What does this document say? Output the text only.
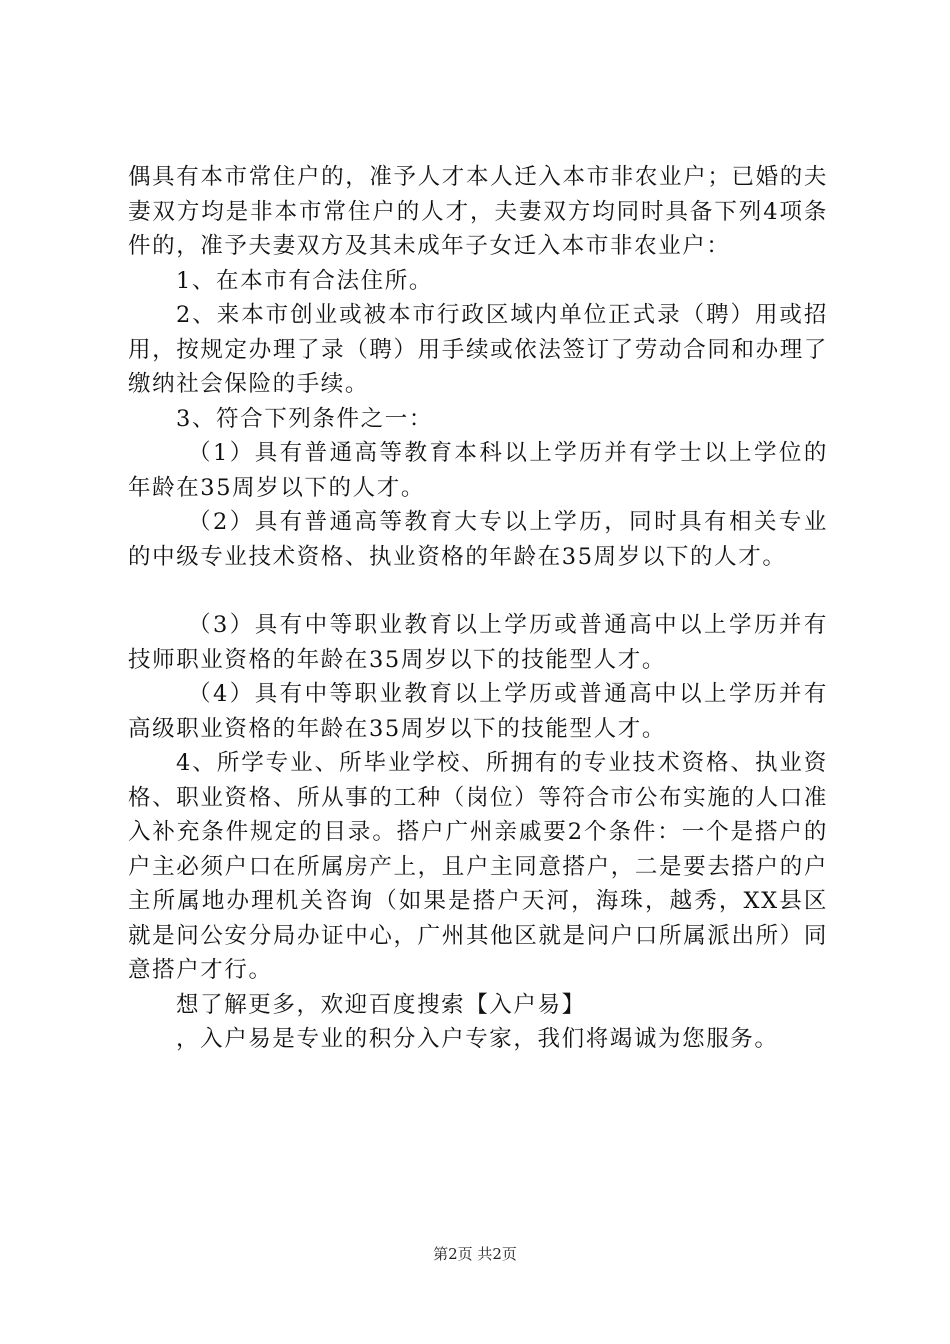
偶具有本市常住户的，准予人才本人迁入本市非农业户；已婚的夫妻双方均是非本市常住户的人才，夫妻双方均同时具备下列4项条件的，准予夫妻双方及其未成年子女迁入本市非农业户：

1、在本市有合法住所。

2、来本市创业或被本市行政区域内单位正式录（聘）用或招用，按规定办理了录（聘）用手续或依法签订了劳动合同和办理了缴纳社会保险的手续。

3、符合下列条件之一：

（1）具有普通高等教育本科以上学历并有学士以上学位的年龄在35周岁以下的人才。

（2）具有普通高等教育大专以上学历，同时具有相关专业的中级专业技术资格、执业资格的年龄在35周岁以下的人才。

（3）具有中等职业教育以上学历或普通高中以上学历并有技师职业资格的年龄在35周岁以下的技能型人才。

（4）具有中等职业教育以上学历或普通高中以上学历并有高级职业资格的年龄在35周岁以下的技能型人才。

4、所学专业、所毕业学校、所拥有的专业技术资格、执业资格、职业资格、所从事的工种（岗位）等符合市公布实施的人口准入补充条件规定的目录。搭户广州亲戚要2个条件：一个是搭户的户主必须户口在所属房产上，且户主同意搭户，二是要去搭户的户主所属地办理机关咨询（如果是搭户天河，海珠，越秀，XX县区就是问公安分局办证中心，广州其他区就是问户口所属派出所）同意搭户才行。

想了解更多，欢迎百度搜索【入户易】

，入户易是专业的积分入户专家，我们将竭诚为您服务。

第2页 共2页
